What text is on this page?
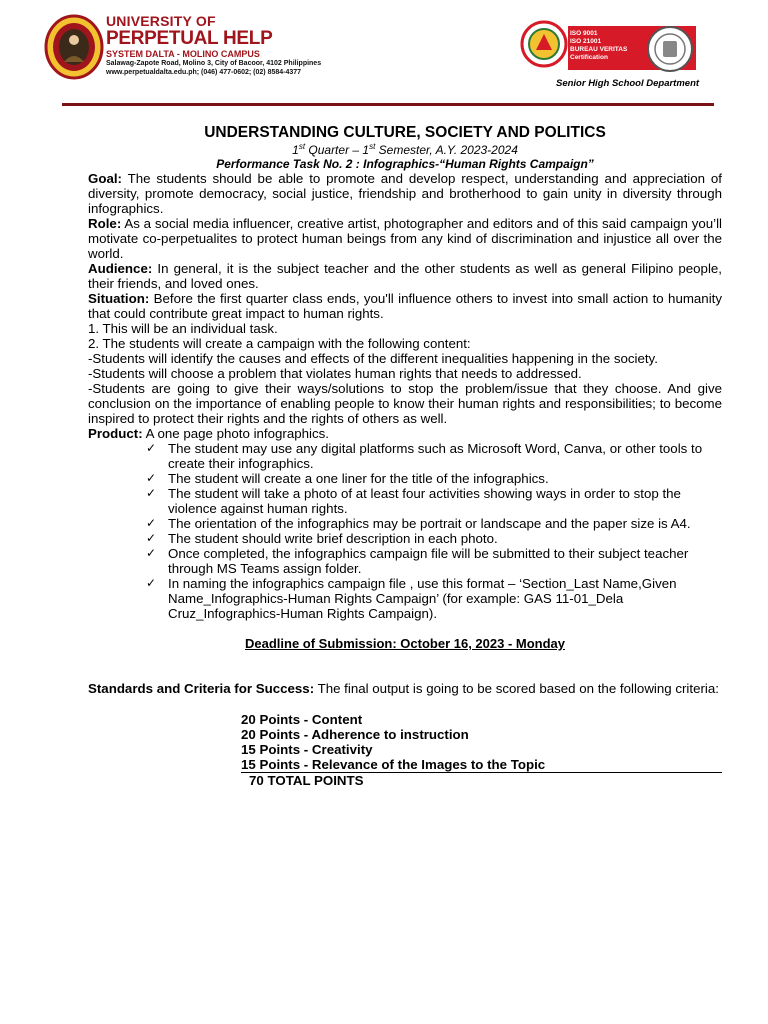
UNIVERSITY OF
PERPETUAL HELP
SYSTEM DALTA - MOLINO CAMPUS
Salawag-Zapote Road, Molino 3, City of Bacoor, 4102 Philippines
www.perpetualdalta.edu.ph; (046) 477-0602; (02) 8584-4377
ISO 9001
ISO 21001
BUREAU VERITAS
Certification
Senior High School Department
UNDERSTANDING CULTURE, SOCIETY AND POLITICS
1st Quarter – 1st Semester, A.Y. 2023-2024
Performance Task No. 2 : Infographics-“Human Rights Campaign”
Goal: The students should be able to promote and develop respect, understanding and appreciation of diversity, promote democracy, social justice, friendship and brotherhood to gain unity in diversity through infographics.
Role: As a social media influencer, creative artist, photographer and editors and of this said campaign you’ll motivate co-perpetualites to protect human beings from any kind of discrimination and injustice all over the world.
Audience: In general, it is the subject teacher and the other students as well as general Filipino people, their friends, and loved ones.
Situation: Before the first quarter class ends, you'll influence others to invest into small action to humanity that could contribute great impact to human rights.
1. This will be an individual task.
2. The students will create a campaign with the following content:
-Students will identify the causes and effects of the different inequalities happening in the society.
-Students will choose a problem that violates human rights that needs to addressed.
-Students are going to give their ways/solutions to stop the problem/issue that they choose. And give conclusion on the importance of enabling people to know their human rights and responsibilities; to become inspired to protect their rights and the rights of others as well.
Product: A one page photo infographics.
✓ The student may use any digital platforms such as Microsoft Word, Canva, or other tools to create their infographics.
✓ The student will create a one liner for the title of the infographics.
✓ The student will take a photo of at least four activities showing ways in order to stop the violence against human rights.
✓ The orientation of the infographics may be portrait or landscape and the paper size is A4.
✓ The student should write brief description in each photo.
✓ Once completed, the infographics campaign file will be submitted to their subject teacher through MS Teams assign folder.
✓ In naming the infographics campaign file , use this format – ‘Section_Last Name,Given Name_Infographics-Human Rights Campaign’ (for example: GAS 11-01_Dela Cruz_Infographics-Human Rights Campaign).
Deadline of Submission: October 16, 2023 - Monday
Standards and Criteria for Success: The final output is going to be scored based on the following criteria:
20 Points - Content
20 Points - Adherence to instruction
15 Points - Creativity
15 Points - Relevance of the Images to the Topic
70 TOTAL POINTS
